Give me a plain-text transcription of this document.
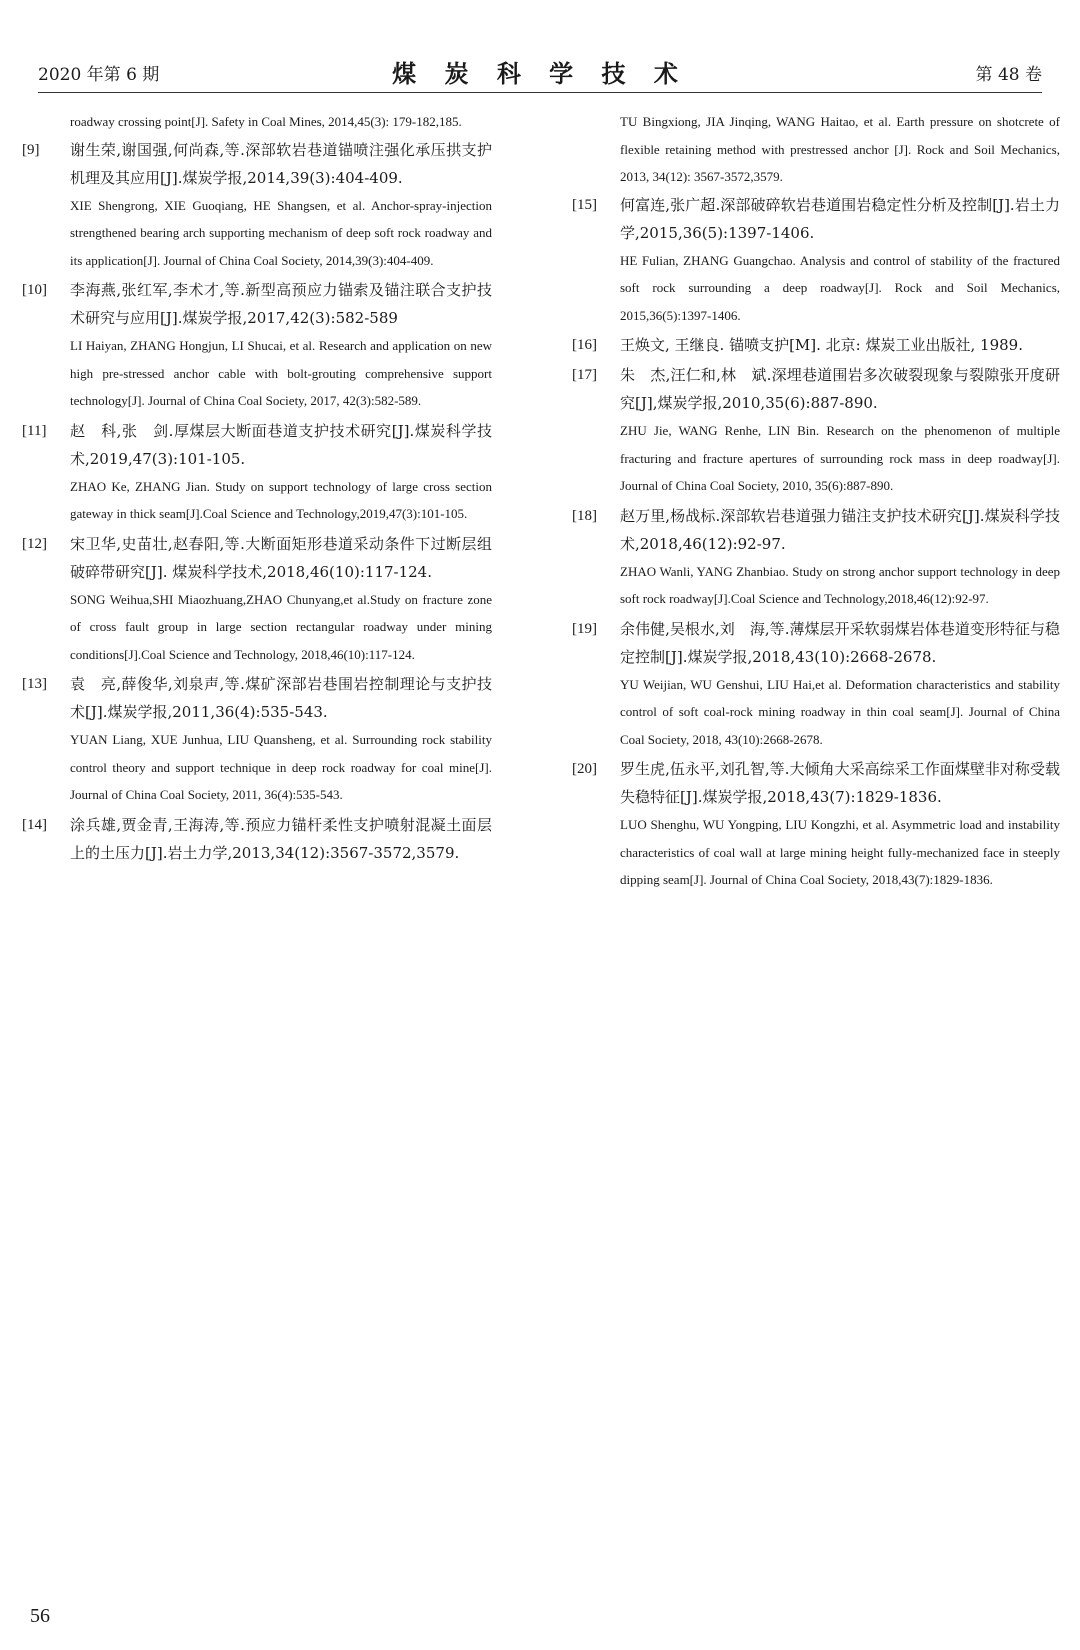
2020 年第 6 期	煤 炭 科 学 技 术	第 48 卷
roadway crossing point[J]. Safety in Coal Mines, 2014,45(3): 179-182,185.
[9]	谢生荣,谢国强,何尚森,等.深部软岩巷道锚喷注强化承压拱支护机理及其应用[J].煤炭学报,2014,39(3):404-409.
XIE Shengrong, XIE Guoqiang, HE Shangsen, et al. Anchor-spray-injection strengthened bearing arch supporting mechanism of deep soft rock roadway and its application[J]. Journal of China Coal Society, 2014,39(3):404-409.
[10]	李海燕,张红军,李术才,等.新型高预应力锚索及锚注联合支护技术研究与应用[J].煤炭学报,2017,42(3):582-589
LI Haiyan, ZHANG Hongjun, LI Shucai, et al. Research and application on new high pre-stressed anchor cable with bolt-grouting comprehensive support technology[J]. Journal of China Coal Society, 2017, 42(3):582-589.
[11]	赵　科,张　剑.厚煤层大断面巷道支护技术研究[J].煤炭科学技术,2019,47(3):101-105.
ZHAO Ke, ZHANG Jian. Study on support technology of large cross section gateway in thick seam[J].Coal Science and Technology,2019,47(3):101-105.
[12]	宋卫华,史苗壮,赵春阳,等.大断面矩形巷道采动条件下过断层组破碎带研究[J]. 煤炭科学技术,2018,46(10):117-124.
SONG Weihua,SHI Miaozhuang,ZHAO Chunyang,et al.Study on fracture zone of cross fault group in large section rectangular roadway under mining conditions[J].Coal Science and Technology, 2018,46(10):117-124.
[13]	袁　亮,薛俊华,刘泉声,等.煤矿深部岩巷围岩控制理论与支护技术[J].煤炭学报,2011,36(4):535-543.
YUAN Liang, XUE Junhua, LIU Quansheng, et al. Surrounding rock stability control theory and support technique in deep rock roadway for coal mine[J]. Journal of China Coal Society, 2011, 36(4):535-543.
[14]	涂兵雄,贾金青,王海涛,等.预应力锚杆柔性支护喷射混凝土面层上的土压力[J].岩土力学,2013,34(12):3567-3572,3579.
TU Bingxiong, JIA Jinqing, WANG Haitao, et al. Earth pressure on shotcrete of flexible retaining method with prestressed anchor [J]. Rock and Soil Mechanics, 2013, 34(12): 3567-3572,3579.
[15]	何富连,张广超.深部破碎软岩巷道围岩稳定性分析及控制[J].岩土力学,2015,36(5):1397-1406.
HE Fulian, ZHANG Guangchao. Analysis and control of stability of the fractured soft rock surrounding a deep roadway[J]. Rock and Soil Mechanics, 2015,36(5):1397-1406.
[16]	王焕文, 王继良. 锚喷支护[M]. 北京: 煤炭工业出版社, 1989.
[17]	朱　杰,汪仁和,林　斌.深埋巷道围岩多次破裂现象与裂隙张开度研究[J],煤炭学报,2010,35(6):887-890.
ZHU Jie, WANG Renhe, LIN Bin. Research on the phenomenon of multiple fracturing and fracture apertures of surrounding rock mass in deep roadway[J]. Journal of China Coal Society, 2010, 35(6):887-890.
[18]	赵万里,杨战标.深部软岩巷道强力锚注支护技术研究[J].煤炭科学技术,2018,46(12):92-97.
ZHAO Wanli, YANG Zhanbiao. Study on strong anchor support technology in deep soft rock roadway[J].Coal Science and Technology,2018,46(12):92-97.
[19]	余伟健,吴根水,刘　海,等.薄煤层开采软弱煤岩体巷道变形特征与稳定控制[J].煤炭学报,2018,43(10):2668-2678.
YU Weijian, WU Genshui, LIU Hai,et al. Deformation characteristics and stability control of soft coal-rock mining roadway in thin coal seam[J]. Journal of China Coal Society, 2018, 43(10):2668-2678.
[20]	罗生虎,伍永平,刘孔智,等.大倾角大采高综采工作面煤壁非对称受载失稳特征[J].煤炭学报,2018,43(7):1829-1836.
LUO Shenghu, WU Yongping, LIU Kongzhi, et al. Asymmetric load and instability characteristics of coal wall at large mining height fully-mechanized face in steeply dipping seam[J]. Journal of China Coal Society, 2018,43(7):1829-1836.
56
